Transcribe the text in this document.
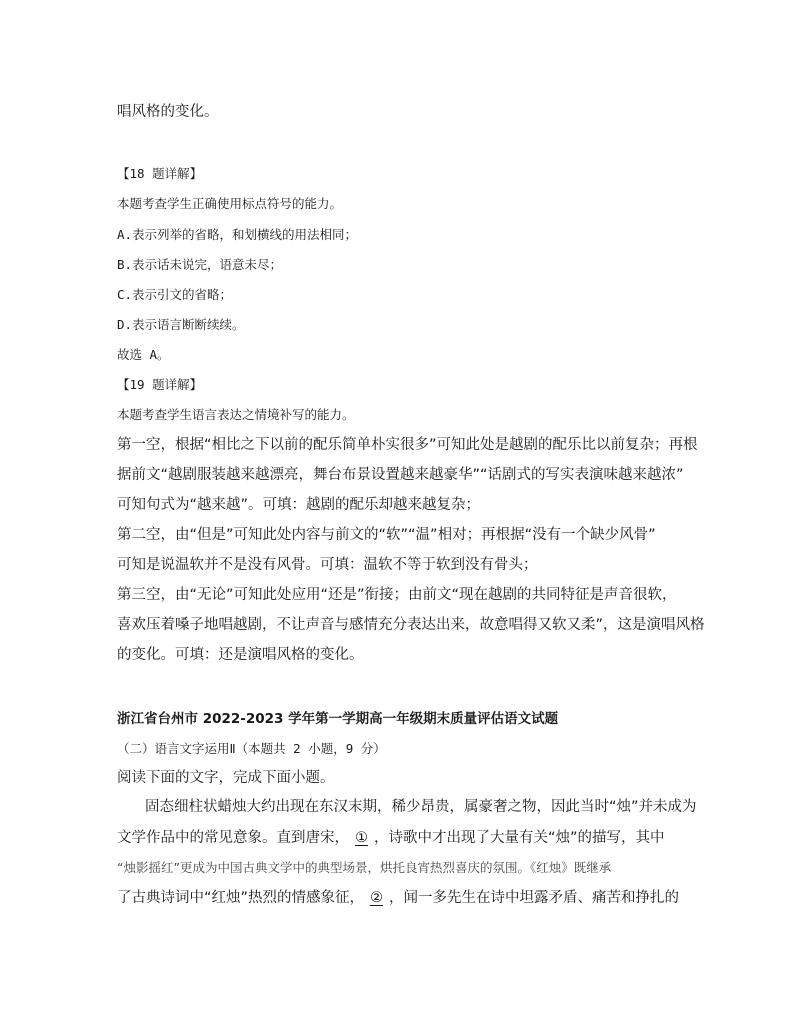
唱风格的变化。
【18 题详解】
本题考查学生正确使用标点符号的能力。
A.表示列举的省略，和划横线的用法相同；
B.表示话未说完，语意未尽；
C.表示引文的省略；
D.表示语言断断续续。
故选 A。
【19 题详解】
本题考查学生语言表达之情境补写的能力。
第一空，根据“相比之下以前的配乐简单朴实很多”可知此处是越剧的配乐比以前复杂；再根
据前文“越剧服装越来越漂亮，舞台布景设置越来越豪华”“话剧式的写实表演味越来越浓”
可知句式为“越来越”。可填：越剧的配乐却越来越复杂；
第二空，由“但是”可知此处内容与前文的“软”“温”相对；再根据“没有一个缺少风骨”
可知是说温软并不是没有风骨。可填：温软不等于软到没有骨头；
第三空，由“无论”可知此处应用“还是”衔接；由前文“现在越剧的共同特征是声音很软，
喜欢压着嗓子地唱越剧，不让声音与感情充分表达出来，故意唱得又软又柔”，这是演唱风格
的变化。可填：还是演唱风格的变化。
浙江省台州市 2022-2023 学年第一学期高一年级期末质量评估语文试题
（二）语言文字运用Ⅱ（本题共 2 小题，9 分）
阅读下面的文字，完成下面小题。
固态细柱状蜡烛大约出现在东汉末期，稀少昂贵，属豪奢之物，因此当时“烛”并未成为
文学作品中的常见意象。直到唐宋， ① ，诗歌中才出现了大量有关“烛”的描写，其中
“烛影摇红”更成为中国古典文学中的典型场景，烘托良宵热烈喜庆的氛围。《红烛》既继承
了古典诗词中“红烛”热烈的情感象征， ② ，闻一多先生在诗中坦露矛盾、痛苦和挣扎的
